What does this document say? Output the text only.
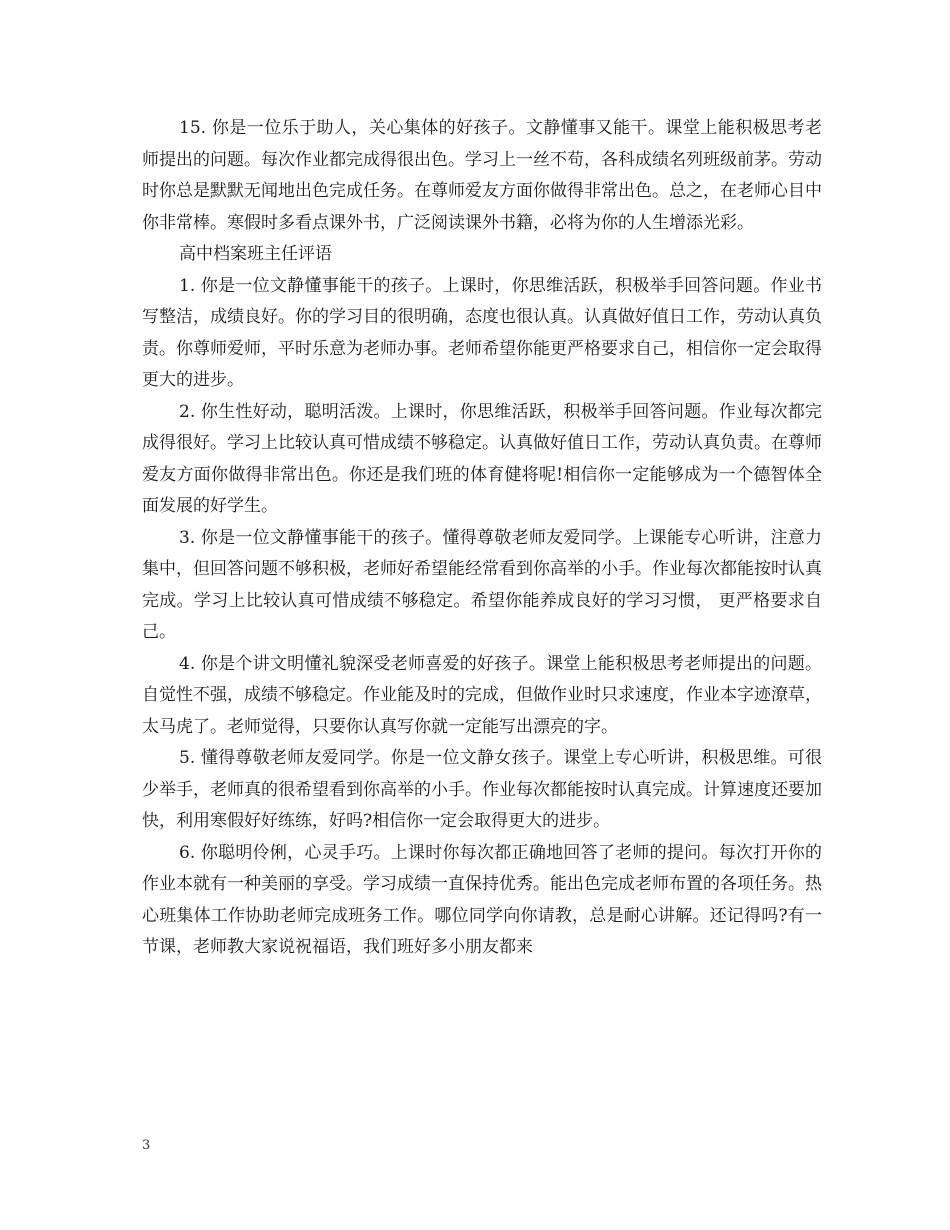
15. 你是一位乐于助人，关心集体的好孩子。文静懂事又能干。课堂上能积极思考老师提出的问题。每次作业都完成得很出色。学习上一丝不苟，各科成绩名列班级前茅。劳动时你总是默默无闻地出色完成任务。在尊师爱友方面你做得非常出色。总之，在老师心目中你非常棒。寒假时多看点课外书，广泛阅读课外书籍，必将为你的人生增添光彩。

高中档案班主任评语

1. 你是一位文静懂事能干的孩子。上课时，你思维活跃，积极举手回答问题。作业书写整洁，成绩良好。你的学习目的很明确，态度也很认真。认真做好值日工作，劳动认真负责。你尊师爱师，平时乐意为老师办事。老师希望你能更严格要求自己，相信你一定会取得更大的进步。

2. 你生性好动，聪明活泼。上课时，你思维活跃，积极举手回答问题。作业每次都完成得很好。学习上比较认真可惜成绩不够稳定。认真做好值日工作，劳动认真负责。在尊师爱友方面你做得非常出色。你还是我们班的体育健将呢!相信你一定能够成为一个德智体全面发展的好学生。

3. 你是一位文静懂事能干的孩子。懂得尊敬老师友爱同学。上课能专心听讲，注意力集中，但回答问题不够积极，老师好希望能经常看到你高举的小手。作业每次都能按时认真完成。学习上比较认真可惜成绩不够稳定。希望你能养成良好的学习习惯， 更严格要求自己。

4. 你是个讲文明懂礼貌深受老师喜爱的好孩子。课堂上能积极思考老师提出的问题。自觉性不强，成绩不够稳定。作业能及时的完成，但做作业时只求速度，作业本字迹潦草，太马虎了。老师觉得，只要你认真写你就一定能写出漂亮的字。

5. 懂得尊敬老师友爱同学。你是一位文静女孩子。课堂上专心听讲，积极思维。可很少举手，老师真的很希望看到你高举的小手。作业每次都能按时认真完成。计算速度还要加快，利用寒假好好练练，好吗?相信你一定会取得更大的进步。

6. 你聪明伶俐，心灵手巧。上课时你每次都正确地回答了老师的提问。每次打开你的作业本就有一种美丽的享受。学习成绩一直保持优秀。能出色完成老师布置的各项任务。热心班集体工作协助老师完成班务工作。哪位同学向你请教，总是耐心讲解。还记得吗?有一节课，老师教大家说祝福语，我们班好多小朋友都来

3
